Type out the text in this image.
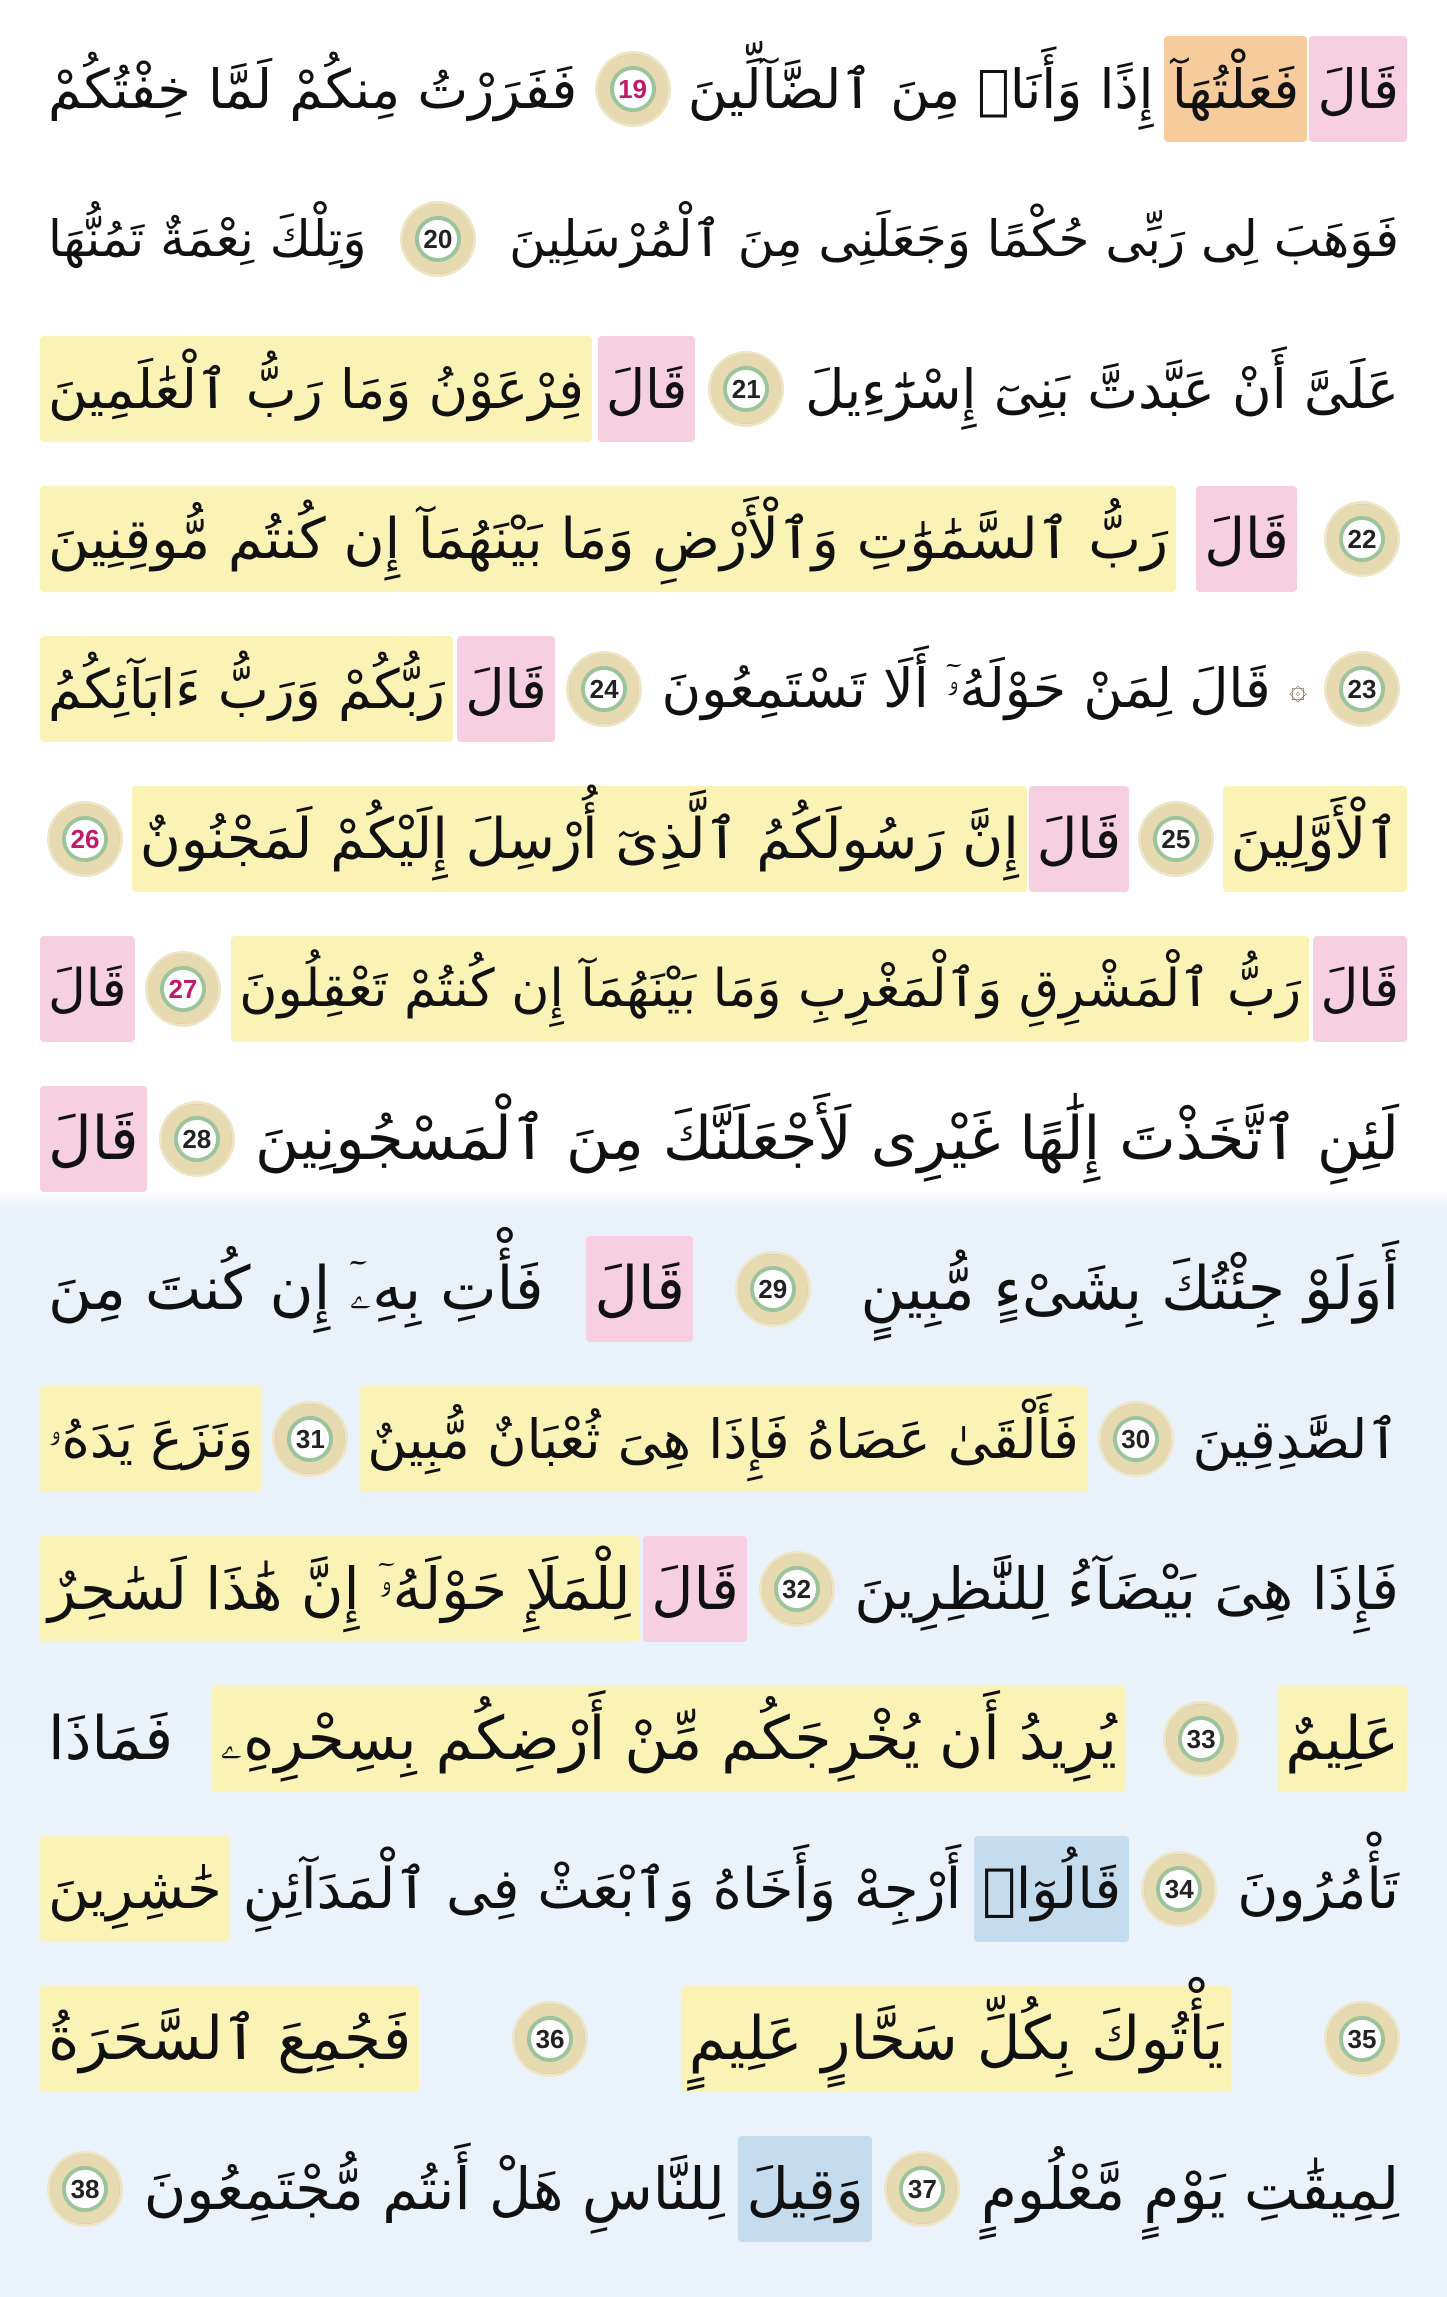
قَالَ
فَعَلْتُهَآ
إِذًا وَأَنَا۠ مِنَ ٱلضَّآلِّينَ
19
فَفَرَرْتُ مِنكُمْ لَمَّا خِفْتُكُمْ
فَوَهَبَ لِى رَبِّى حُكْمًا وَجَعَلَنِى مِنَ ٱلْمُرْسَلِينَ
20
وَتِلْكَ نِعْمَةٌ تَمُنُّهَا
عَلَىَّ أَنْ عَبَّدتَّ بَنِىٓ إِسْرَٰٓءِيلَ
21
قَالَ
فِرْعَوْنُ وَمَا رَبُّ ٱلْعَٰلَمِينَ
22
قَالَ
رَبُّ ٱلسَّمَٰوَٰتِ وَٱلْأَرْضِ وَمَا بَيْنَهُمَآ إِن كُنتُم مُّوقِنِينَ
23
۞
قَالَ لِمَنْ حَوْلَهُۥٓ أَلَا تَسْتَمِعُونَ
24
قَالَ
رَبُّكُمْ وَرَبُّ ءَابَآئِكُمُ
ٱلْأَوَّلِينَ
25
قَالَ
إِنَّ رَسُولَكُمُ ٱلَّذِىٓ أُرْسِلَ إِلَيْكُمْ لَمَجْنُونٌ
26
قَالَ
رَبُّ ٱلْمَشْرِقِ وَٱلْمَغْرِبِ وَمَا بَيْنَهُمَآ إِن كُنتُمْ تَعْقِلُونَ
27
قَالَ
لَئِنِ ٱتَّخَذْتَ إِلَٰهًا غَيْرِى لَأَجْعَلَنَّكَ مِنَ ٱلْمَسْجُونِينَ
28
قَالَ
أَوَلَوْ جِئْتُكَ بِشَىْءٍ مُّبِينٍ
29
قَالَ
فَأْتِ بِهِۦٓ إِن كُنتَ مِنَ
ٱلصَّٰدِقِينَ
30
فَأَلْقَىٰ عَصَاهُ فَإِذَا هِىَ ثُعْبَانٌ مُّبِينٌ
31
وَنَزَعَ يَدَهُۥ
فَإِذَا هِىَ بَيْضَآءُ لِلنَّٰظِرِينَ
32
قَالَ
لِلْمَلَإِ حَوْلَهُۥٓ إِنَّ هَٰذَا لَسَٰحِرٌ
عَلِيمٌ
33
يُرِيدُ أَن يُخْرِجَكُم مِّنْ أَرْضِكُم بِسِحْرِهِۦ
فَمَاذَا
تَأْمُرُونَ
34
قَالُوٓا۟
أَرْجِهْ وَأَخَاهُ وَٱبْعَثْ فِى ٱلْمَدَآئِنِ
حَٰشِرِينَ
35
يَأْتُوكَ بِكُلِّ سَحَّارٍ عَلِيمٍ
36
فَجُمِعَ ٱلسَّحَرَةُ
لِمِيقَٰتِ يَوْمٍ مَّعْلُومٍ
37
وَقِيلَ
لِلنَّاسِ هَلْ أَنتُم مُّجْتَمِعُونَ
38
